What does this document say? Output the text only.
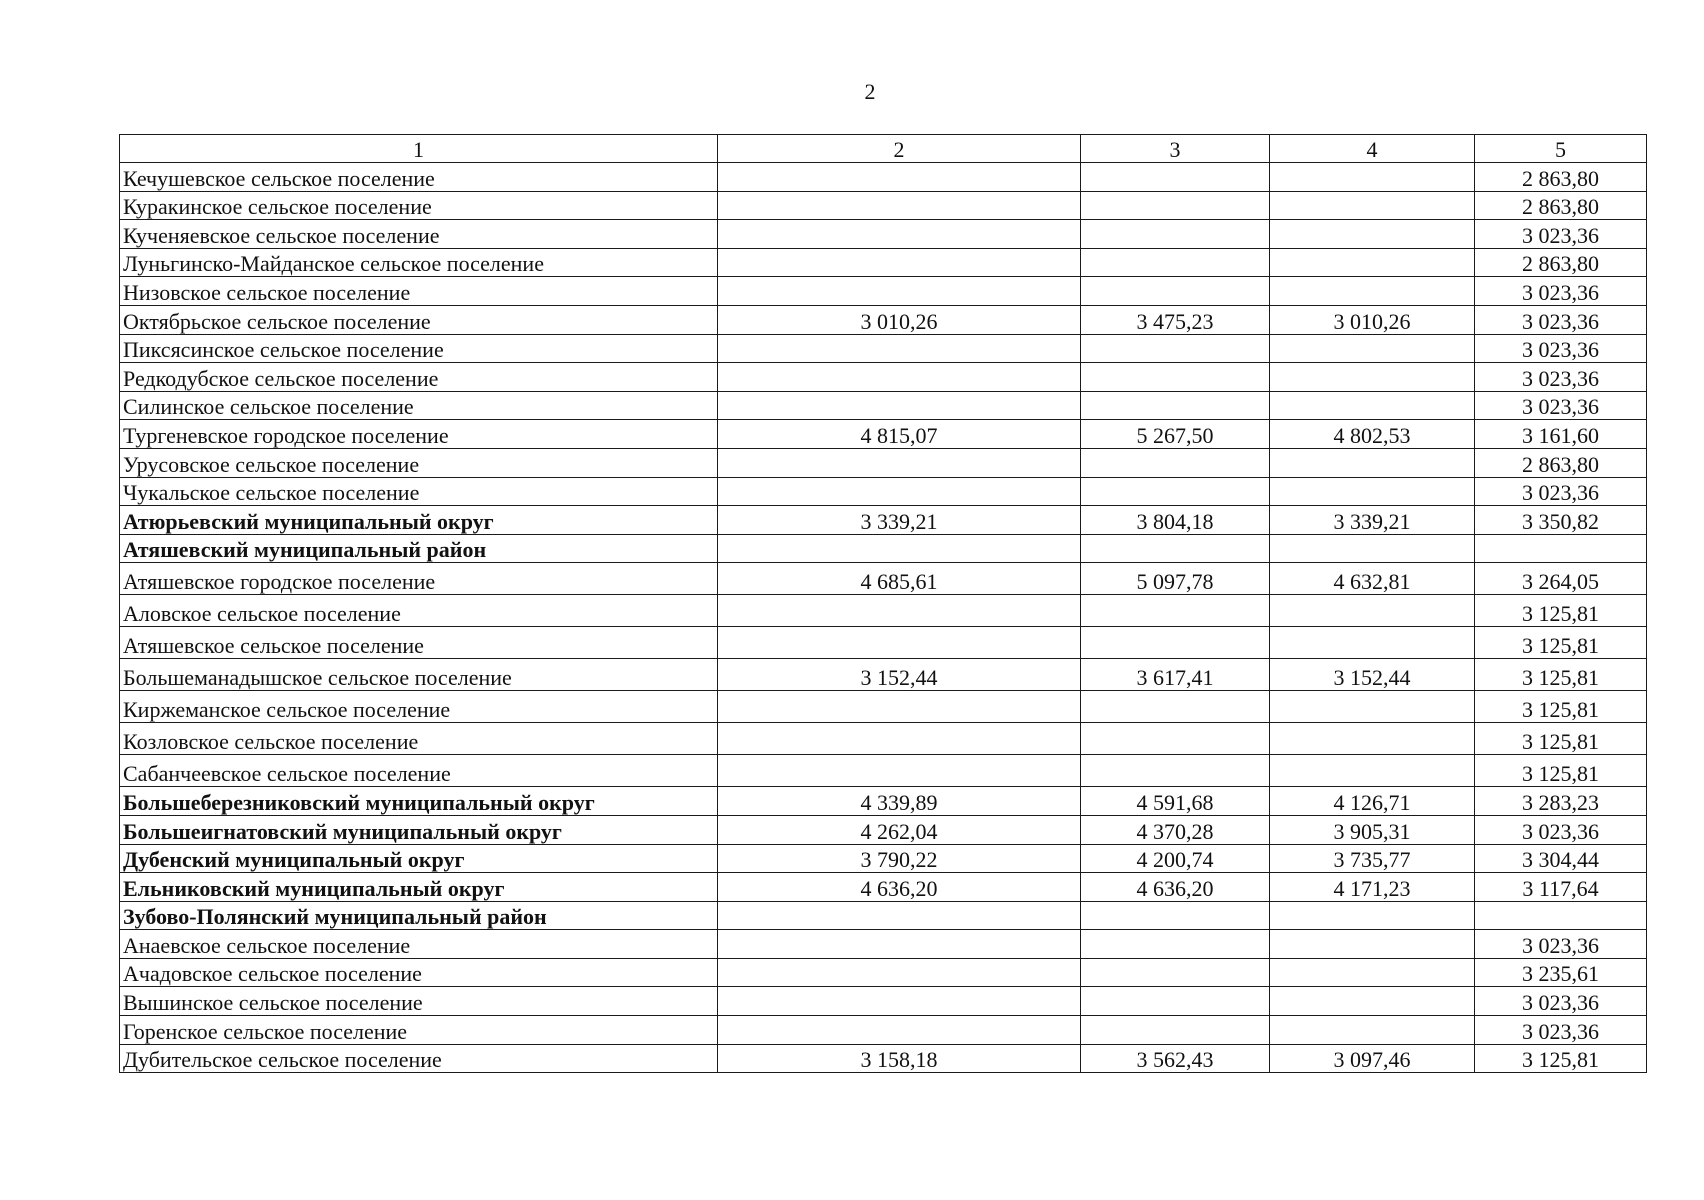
2
1	2	3	4	5
Кечушевское сельское поселение				2 863,80
Куракинское сельское поселение				2 863,80
Кученяевское сельское поселение				3 023,36
Луньгинско-Майданское сельское поселение				2 863,80
Низовское сельское поселение				3 023,36
Октябрьское сельское поселение	3 010,26	3 475,23	3 010,26	3 023,36
Пиксясинское сельское поселение				3 023,36
Редкодубское сельское поселение				3 023,36
Силинское сельское поселение				3 023,36
Тургеневское городское поселение	4 815,07	5 267,50	4 802,53	3 161,60
Урусовское сельское поселение				2 863,80
Чукальское сельское поселение				3 023,36
Атюрьевский муниципальный округ	3 339,21	3 804,18	3 339,21	3 350,82
Атяшевский муниципальный район				
Атяшевское городское поселение	4 685,61	5 097,78	4 632,81	3 264,05
Аловское сельское поселение				3 125,81
Атяшевское сельское поселение				3 125,81
Большеманадышское сельское поселение	3 152,44	3 617,41	3 152,44	3 125,81
Киржеманское сельское поселение				3 125,81
Козловское сельское поселение				3 125,81
Сабанчеевское сельское поселение				3 125,81
Большеберезниковский муниципальный округ	4 339,89	4 591,68	4 126,71	3 283,23
Большеигнатовский муниципальный округ	4 262,04	4 370,28	3 905,31	3 023,36
Дубенский муниципальный округ	3 790,22	4 200,74	3 735,77	3 304,44
Ельниковский муниципальный округ	4 636,20	4 636,20	4 171,23	3 117,64
Зубово-Полянский муниципальный район				
Анаевское сельское поселение				3 023,36
Ачадовское сельское поселение				3 235,61
Вышинское сельское поселение				3 023,36
Горенское сельское поселение				3 023,36
Дубительское сельское поселение	3 158,18	3 562,43	3 097,46	3 125,81
